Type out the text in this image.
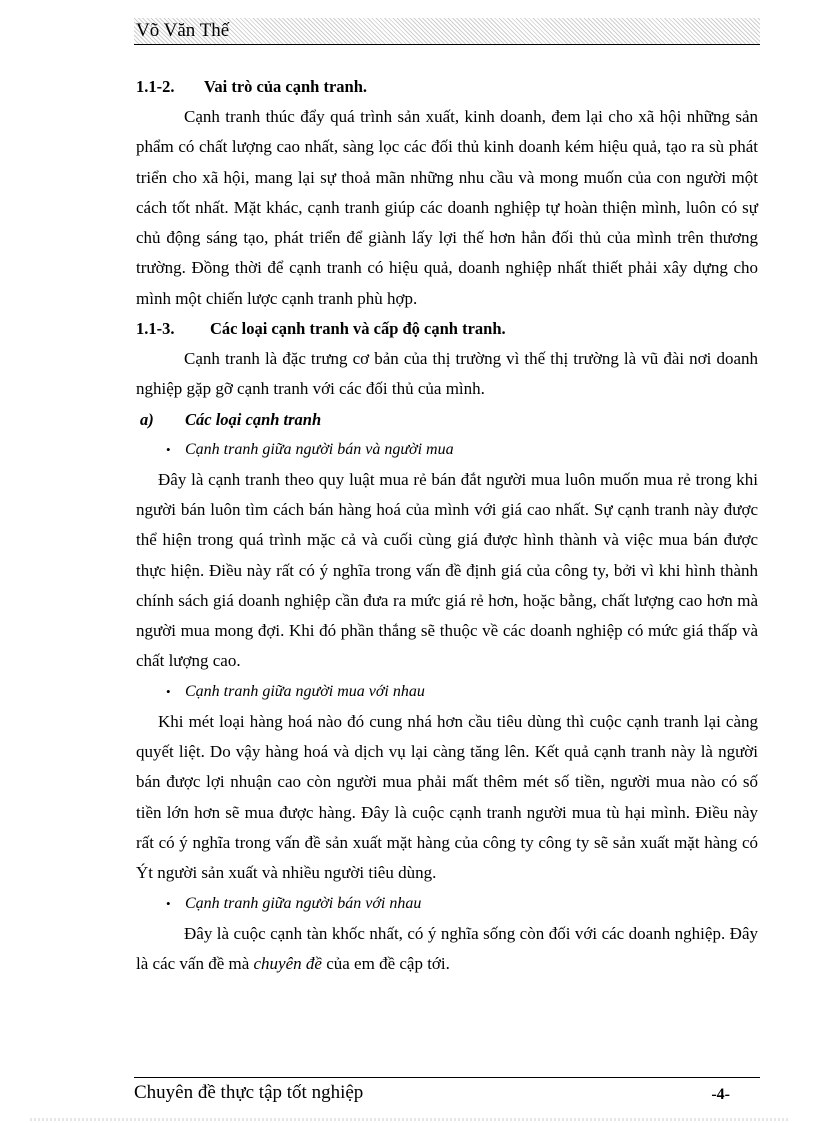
Võ Văn Thế
1.1-2. Vai trò của cạnh tranh.

Cạnh tranh thúc đẩy quá trình sản xuất, kinh doanh, đem lại cho xã hội những sản phẩm có chất lượng cao nhất, sàng lọc các đối thủ kinh doanh kém hiệu quả, tạo ra sù phát triển cho xã hội, mang lại sự thoả mãn những nhu cầu và mong muốn của con người một cách tốt nhất. Mặt khác, cạnh tranh giúp các doanh nghiệp tự hoàn thiện mình, luôn có sự chủ động sáng tạo, phát triển để giành lấy lợi thế hơn hẳn đối thủ của mình trên thương trường. Đồng thời để cạnh tranh có hiệu quả, doanh nghiệp nhất thiết phải xây dựng cho mình một chiến lược cạnh tranh phù hợp.

1.1-3. Các loại cạnh tranh và cấp độ cạnh tranh.

Cạnh tranh là đặc trưng cơ bản của thị trường vì thế thị trường là vũ đài nơi doanh nghiệp gặp gỡ cạnh tranh với các đối thủ của mình.

a) Các loại cạnh tranh
• Cạnh tranh giữa người bán và người mua

Đây là cạnh tranh theo quy luật mua rẻ bán đắt người mua luôn muốn mua rẻ trong khi người bán luôn tìm cách bán hàng hoá của mình với giá cao nhất. Sự cạnh tranh này được thể hiện trong quá trình mặc cả và cuối cùng giá được hình thành và việc mua bán được thực hiện. Điều này rất có ý nghĩa trong vấn đề định giá của công ty, bởi vì khi hình thành chính sách giá doanh nghiệp cần đưa ra mức giá rẻ hơn, hoặc bằng, chất lượng cao hơn mà người mua mong đợi. Khi đó phần thắng sẽ thuộc về các doanh nghiệp có mức giá thấp và chất lượng cao.

• Cạnh tranh giữa người mua với nhau

Khi mét loại hàng hoá nào đó cung nhá hơn cầu tiêu dùng thì cuộc cạnh tranh lại càng quyết liệt. Do vậy hàng hoá và dịch vụ lại càng tăng lên. Kết quả cạnh tranh này là người bán được lợi nhuận cao còn người mua phải mất thêm mét số tiền, người mua nào có số tiền lớn hơn sẽ mua được hàng. Đây là cuộc cạnh tranh người mua tù hại mình. Điều này rất có ý nghĩa trong vấn đề sản xuất mặt hàng của công ty công ty sẽ sản xuất mặt hàng có Ýt người sản xuất và nhiều người tiêu dùng.

• Cạnh tranh giữa người bán với nhau

Đây là cuộc cạnh tàn khốc nhất, có ý nghĩa sống còn đối với các doanh nghiệp. Đây là các vấn đề mà chuyên đề của em đề cập tới.

Chuyên đề thực tập tốt nghiệp	-4-
